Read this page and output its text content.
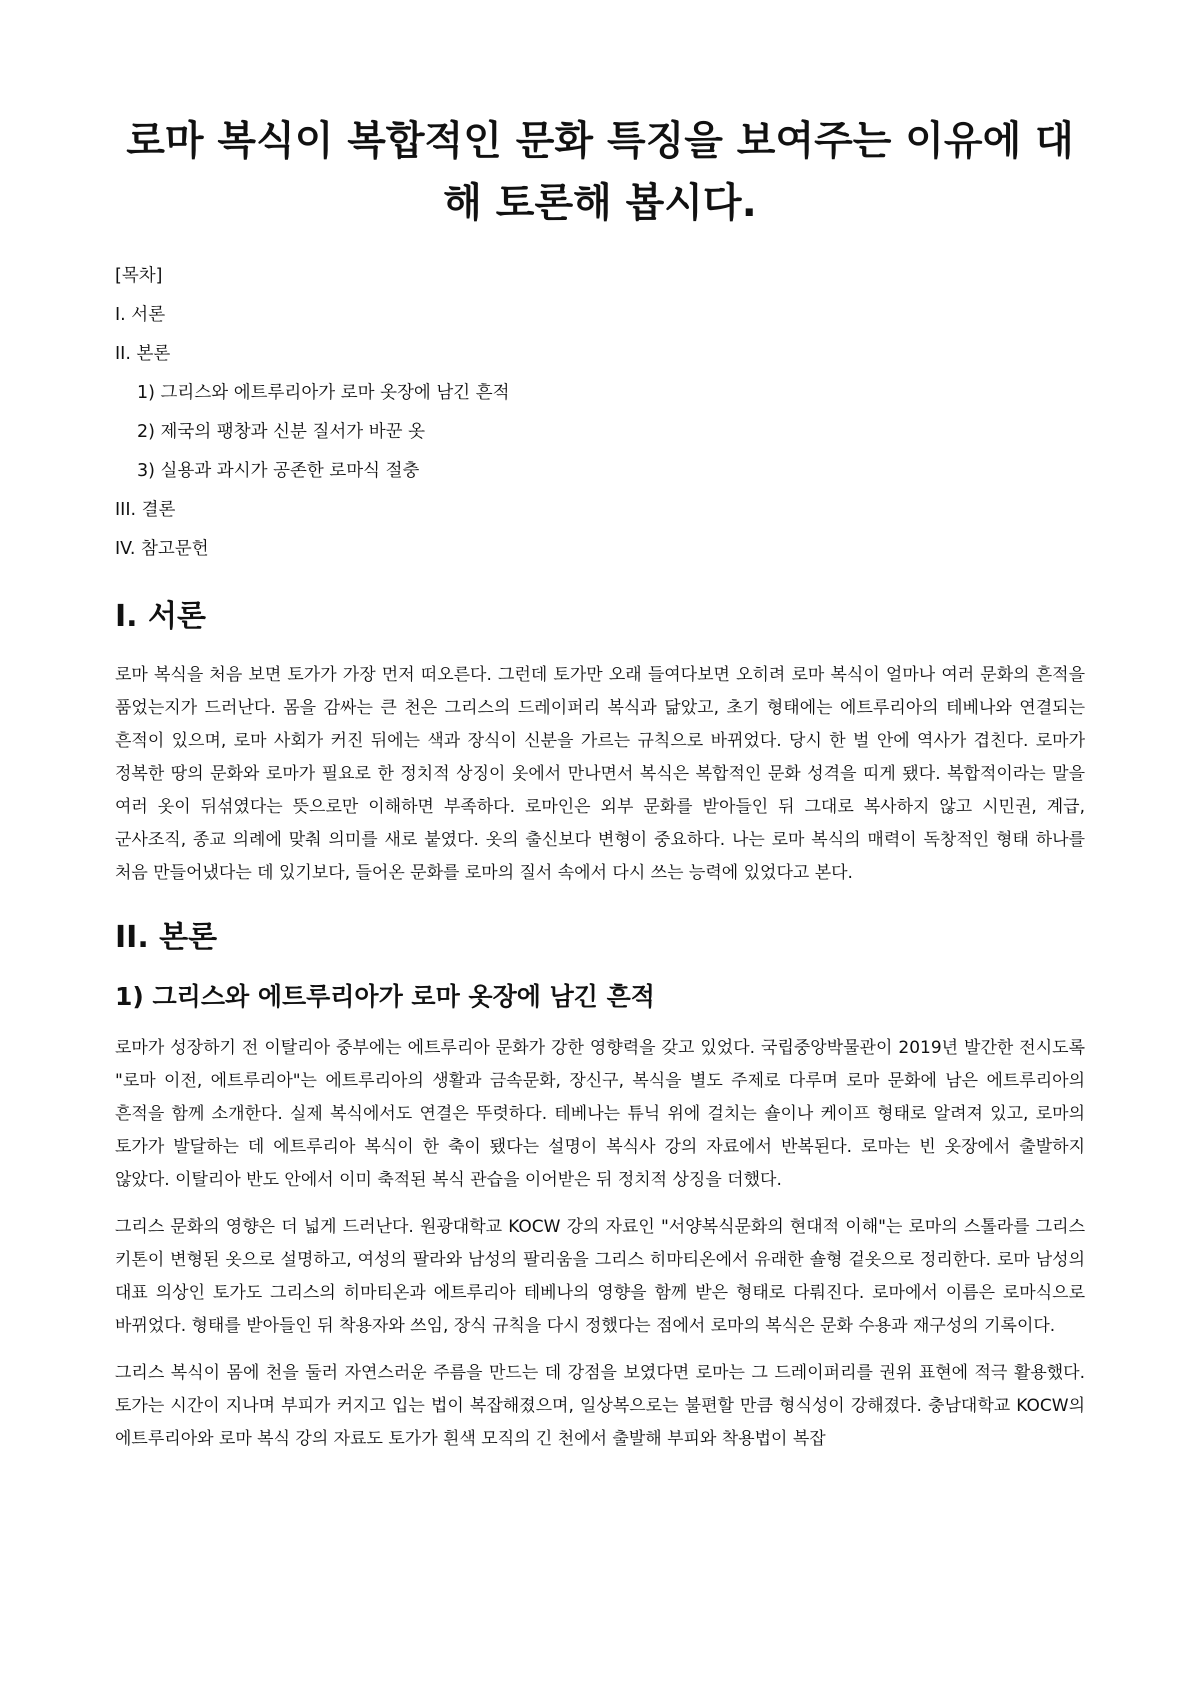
로마 복식이 복합적인 문화 특징을 보여주는 이유에 대해 토론해 봅시다.
[목차]
I. 서론
II. 본론
1) 그리스와 에트루리아가 로마 옷장에 남긴 흔적
2) 제국의 팽창과 신분 질서가 바꾼 옷
3) 실용과 과시가 공존한 로마식 절충
III. 결론
IV. 참고문헌
I. 서론

로마 복식을 처음 보면 토가가 가장 먼저 떠오른다. 그런데 토가만 오래 들여다보면 오히려 로마 복식이 얼마나 여러 문화의 흔적을 품었는지가 드러난다. 몸을 감싸는 큰 천은 그리스의 드레이퍼리 복식과 닮았고, 초기 형태에는 에트루리아의 테베나와 연결되는 흔적이 있으며, 로마 사회가 커진 뒤에는 색과 장식이 신분을 가르는 규칙으로 바뀌었다. 당시 한 벌 안에 역사가 겹친다. 로마가 정복한 땅의 문화와 로마가 필요로 한 정치적 상징이 옷에서 만나면서 복식은 복합적인 문화 성격을 띠게 됐다. 복합적이라는 말을 여러 옷이 뒤섞였다는 뜻으로만 이해하면 부족하다. 로마인은 외부 문화를 받아들인 뒤 그대로 복사하지 않고 시민권, 계급, 군사조직, 종교 의례에 맞춰 의미를 새로 붙였다. 옷의 출신보다 변형이 중요하다. 나는 로마 복식의 매력이 독창적인 형태 하나를 처음 만들어냈다는 데 있기보다, 들어온 문화를 로마의 질서 속에서 다시 쓰는 능력에 있었다고 본다.

II. 본론
1) 그리스와 에트루리아가 로마 옷장에 남긴 흔적

로마가 성장하기 전 이탈리아 중부에는 에트루리아 문화가 강한 영향력을 갖고 있었다. 국립중앙박물관이 2019년 발간한 전시도록 "로마 이전, 에트루리아"는 에트루리아의 생활과 금속문화, 장신구, 복식을 별도 주제로 다루며 로마 문화에 남은 에트루리아의 흔적을 함께 소개한다. 실제 복식에서도 연결은 뚜렷하다. 테베나는 튜닉 위에 걸치는 숄이나 케이프 형태로 알려져 있고, 로마의 토가가 발달하는 데 에트루리아 복식이 한 축이 됐다는 설명이 복식사 강의 자료에서 반복된다. 로마는 빈 옷장에서 출발하지 않았다. 이탈리아 반도 안에서 이미 축적된 복식 관습을 이어받은 뒤 정치적 상징을 더했다.

그리스 문화의 영향은 더 넓게 드러난다. 원광대학교 KOCW 강의 자료인 "서양복식문화의 현대적 이해"는 로마의 스톨라를 그리스 키톤이 변형된 옷으로 설명하고, 여성의 팔라와 남성의 팔리움을 그리스 히마티온에서 유래한 숄형 겉옷으로 정리한다. 로마 남성의 대표 의상인 토가도 그리스의 히마티온과 에트루리아 테베나의 영향을 함께 받은 형태로 다뤄진다. 로마에서 이름은 로마식으로 바뀌었다. 형태를 받아들인 뒤 착용자와 쓰임, 장식 규칙을 다시 정했다는 점에서 로마의 복식은 문화 수용과 재구성의 기록이다.

그리스 복식이 몸에 천을 둘러 자연스러운 주름을 만드는 데 강점을 보였다면 로마는 그 드레이퍼리를 권위 표현에 적극 활용했다. 토가는 시간이 지나며 부피가 커지고 입는 법이 복잡해졌으며, 일상복으로는 불편할 만큼 형식성이 강해졌다. 충남대학교 KOCW의 에트루리아와 로마 복식 강의 자료도 토가가 흰색 모직의 긴 천에서 출발해 부피와 착용법이 복잡
